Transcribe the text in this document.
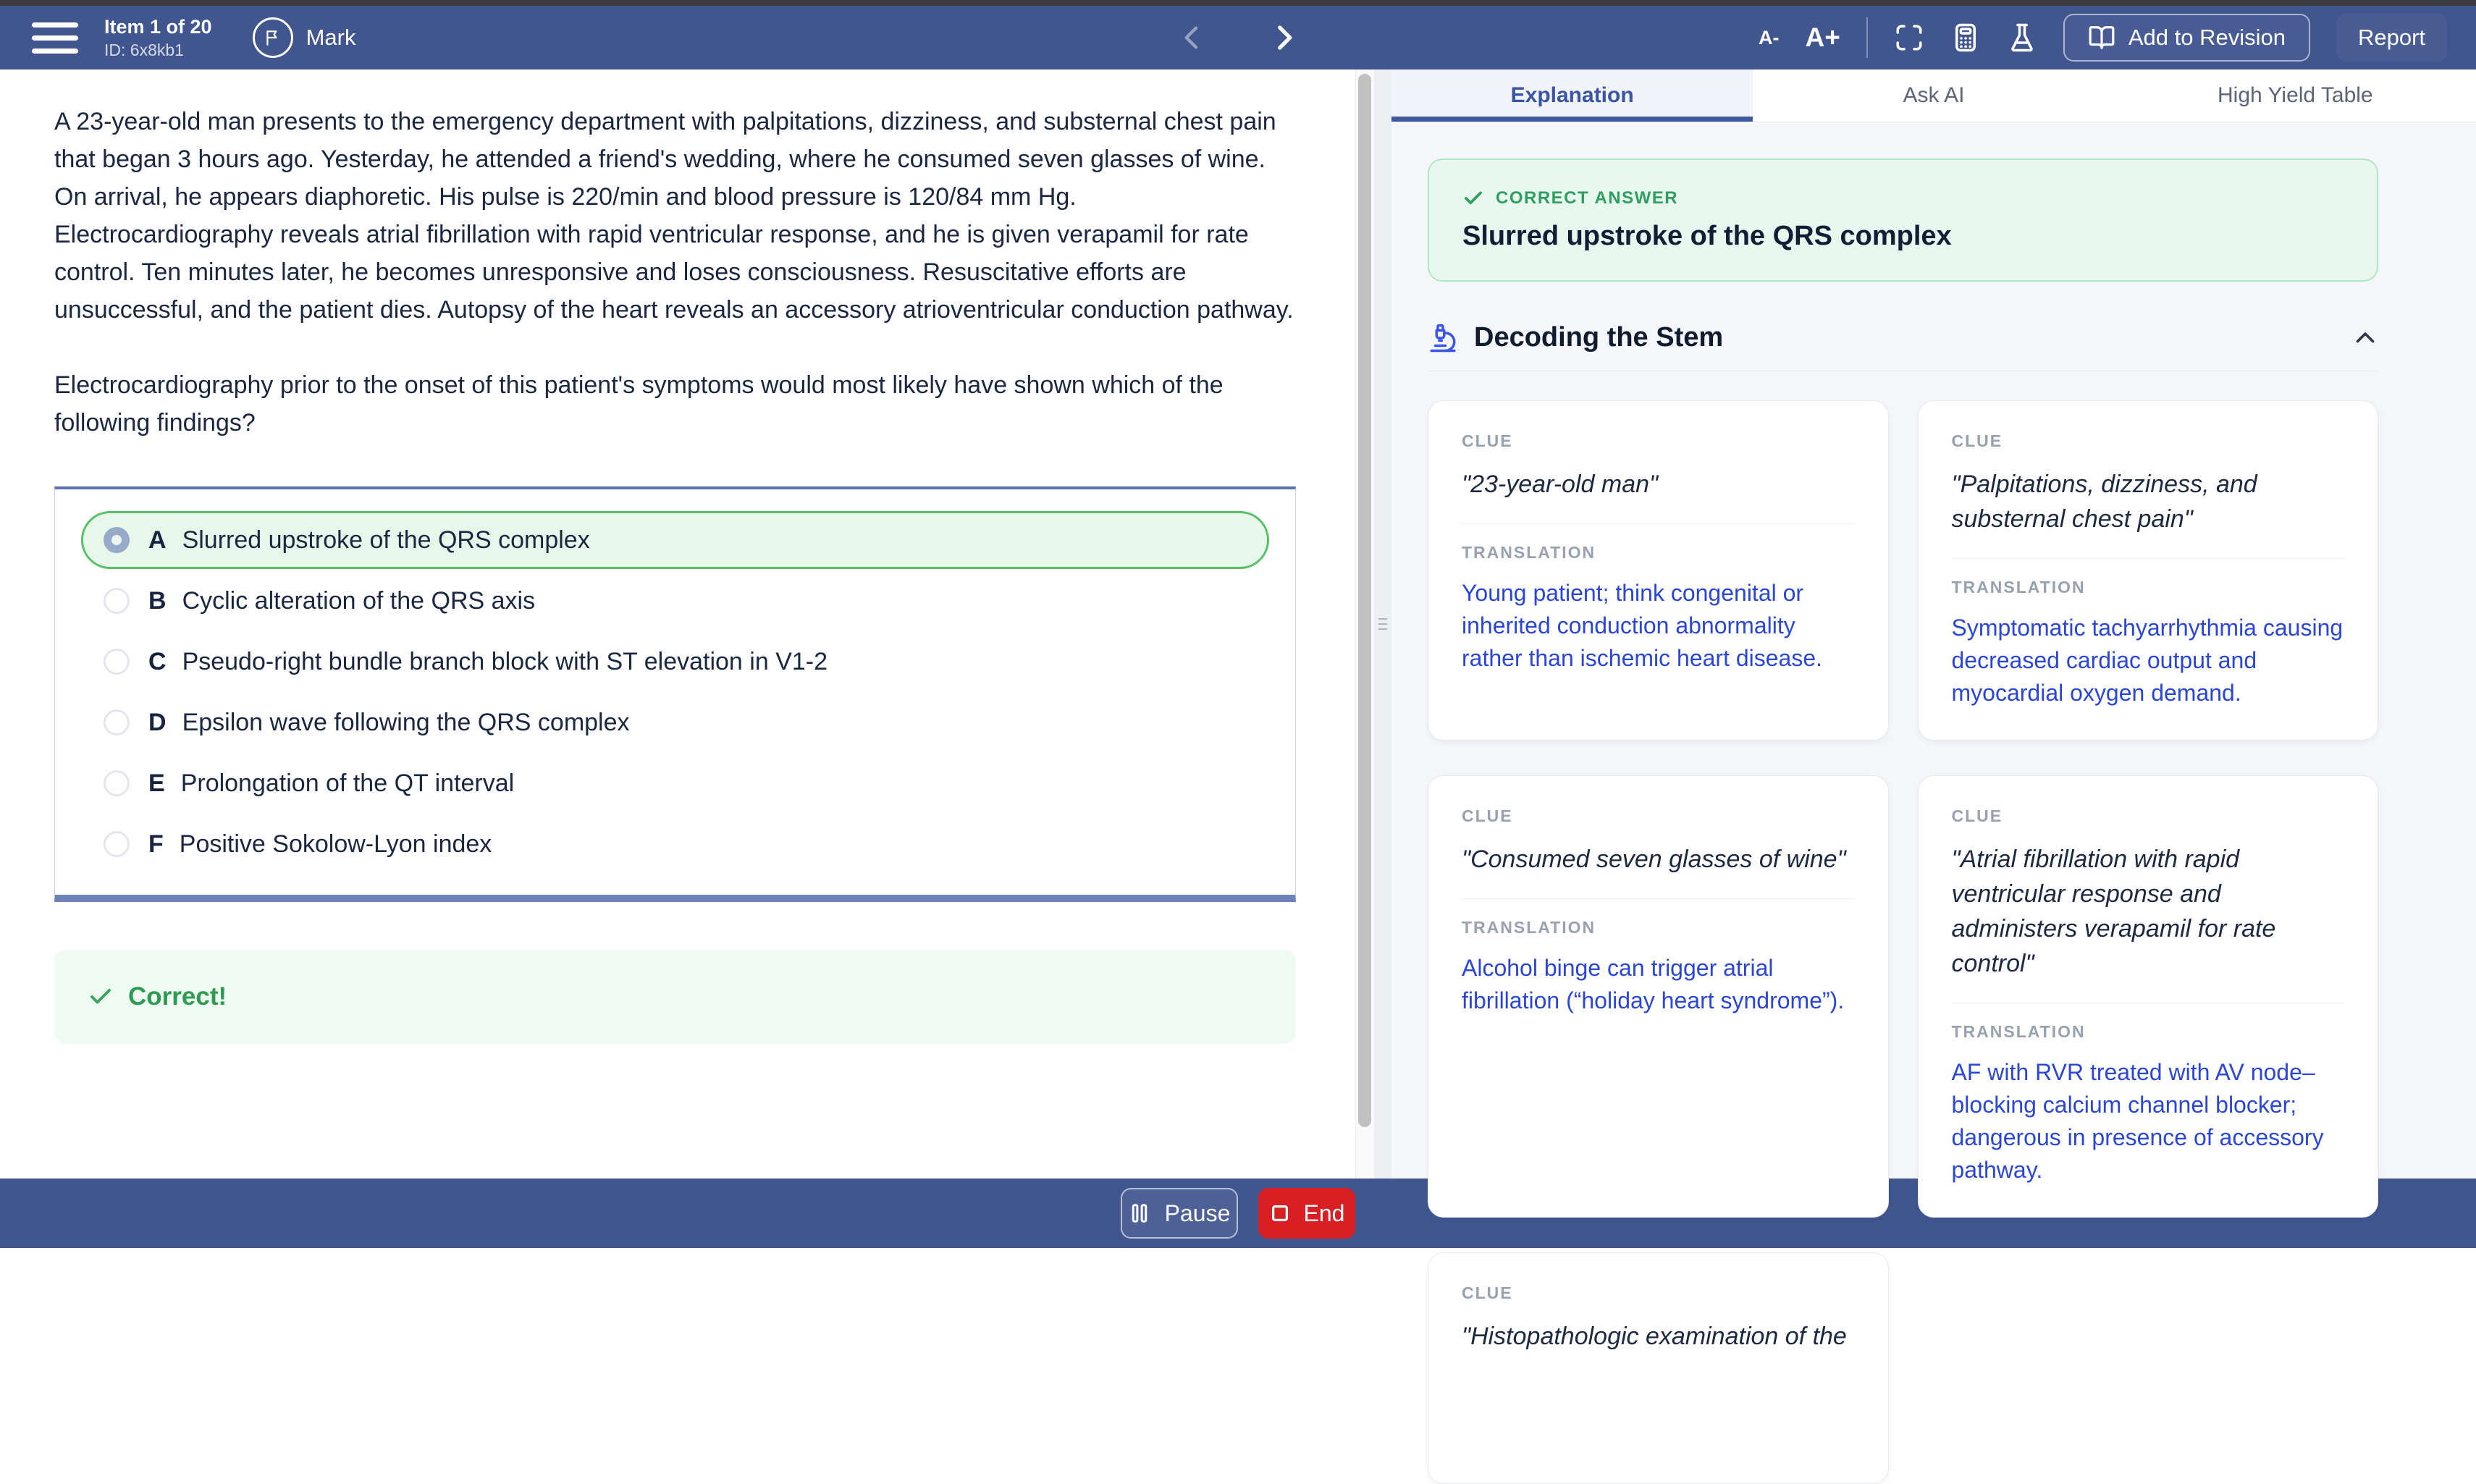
Item 1 of 20
ID: 6x8kb1	Mark	A- A+	Add to Revision	Report

A 23-year-old man presents to the emergency department with palpitations, dizziness, and substernal chest pain that began 3 hours ago. Yesterday, he attended a friend's wedding, where he consumed seven glasses of wine. On arrival, he appears diaphoretic. His pulse is 220/min and blood pressure is 120/84 mm Hg. Electrocardiography reveals atrial fibrillation with rapid ventricular response, and he is given verapamil for rate control. Ten minutes later, he becomes unresponsive and loses consciousness. Resuscitative efforts are unsuccessful, and the patient dies. Autopsy of the heart reveals an accessory atrioventricular conduction pathway.

Electrocardiography prior to the onset of this patient's symptoms would most likely have shown which of the following findings?

A Slurred upstroke of the QRS complex
B Cyclic alteration of the QRS axis
C Pseudo-right bundle branch block with ST elevation in V1-2
D Epsilon wave following the QRS complex
E Prolongation of the QT interval
F Positive Sokolow-Lyon index
Correct!
Explanation	Ask AI	High Yield Table
CORRECT ANSWER
Slurred upstroke of the QRS complex
Decoding the Stem
CLUE
"23-year-old man"
TRANSLATION
Young patient; think congenital or inherited conduction abnormality rather than ischemic heart disease.
CLUE
"Palpitations, dizziness, and substernal chest pain"
TRANSLATION
Symptomatic tachyarrhythmia causing decreased cardiac output and myocardial oxygen demand.
CLUE
"Consumed seven glasses of wine"
TRANSLATION
Alcohol binge can trigger atrial fibrillation (“holiday heart syndrome”).
CLUE
"Atrial fibrillation with rapid ventricular response and administers verapamil for rate control"
TRANSLATION
AF with RVR treated with AV node–blocking calcium channel blocker; dangerous in presence of accessory pathway.
CLUE
"Histopathologic examination of the
Pause	End
